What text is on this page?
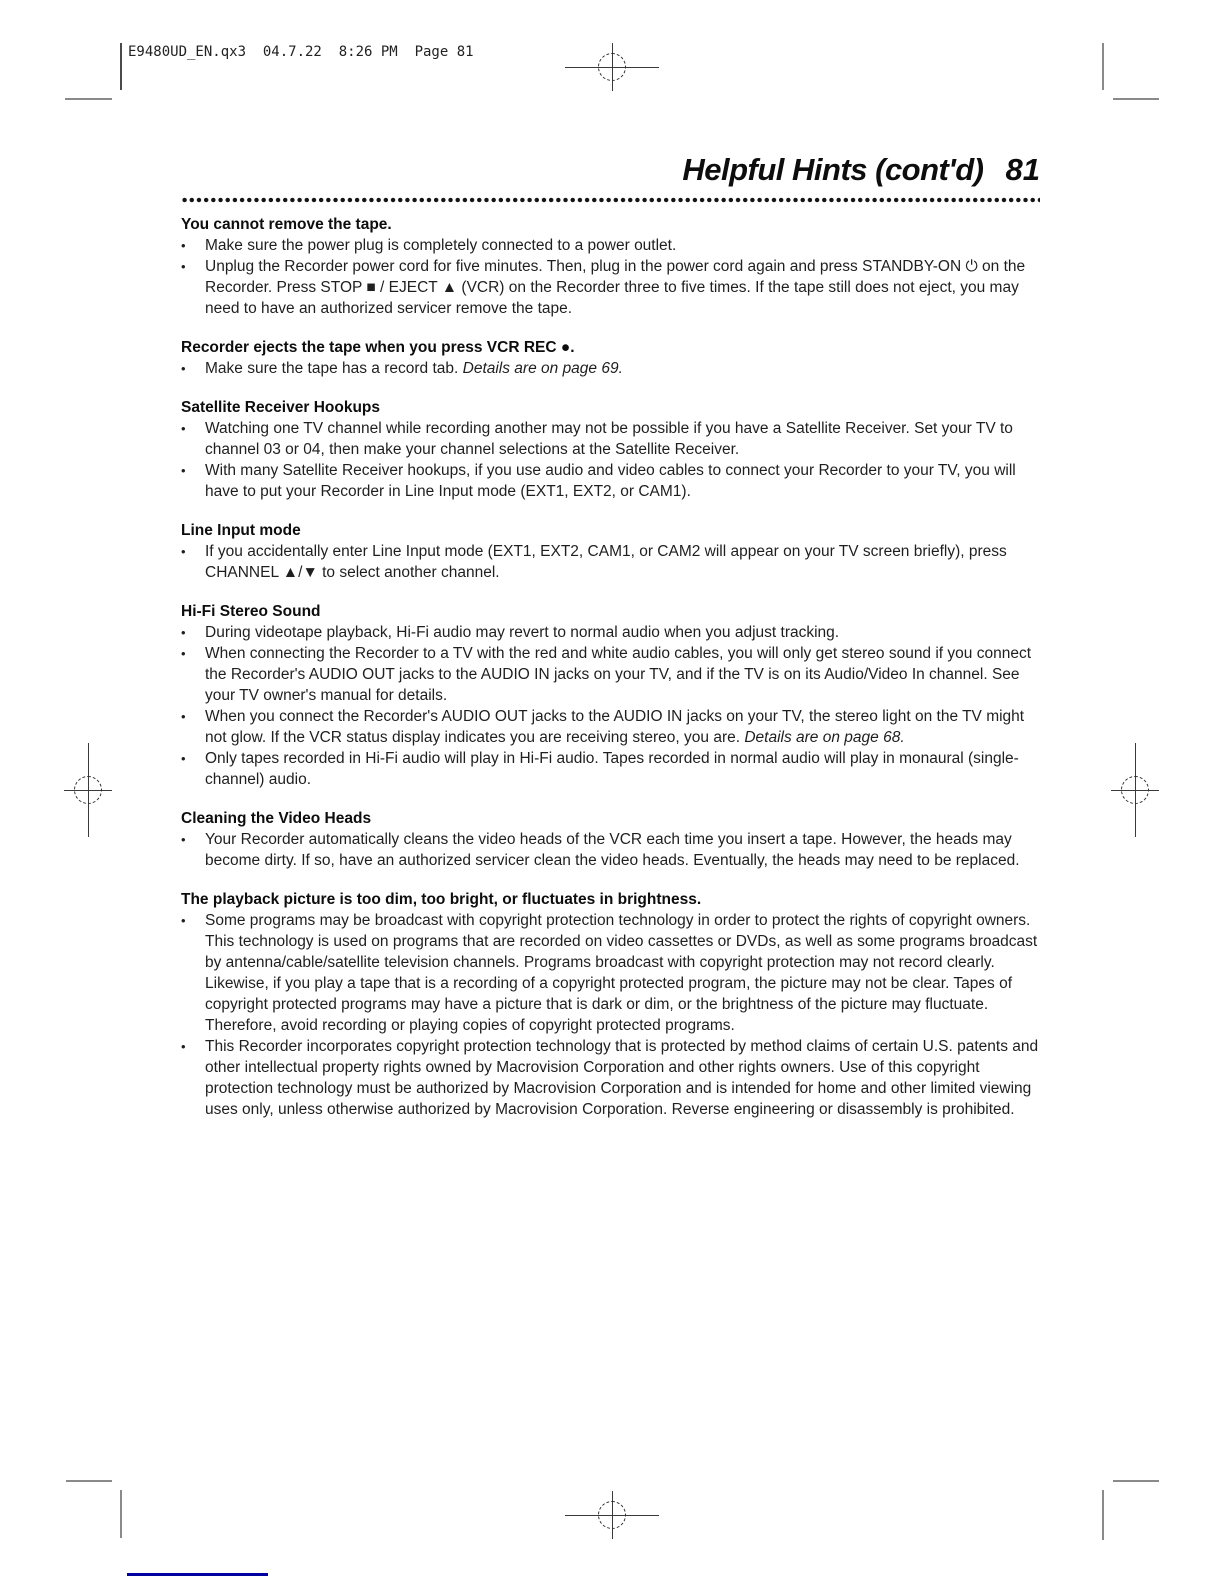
E9480UD_EN.qx3  04.7.22  8:26 PM  Page 81
Helpful Hints (cont'd) 81
You cannot remove the tape.
•	Make sure the power plug is completely connected to a power outlet.

•	Unplug the Recorder power cord for five minutes. Then, plug in the power cord again and press STANDBY-ON ⏻ on the Recorder. Press STOP ■ / EJECT ▲ (VCR) on the Recorder three to five times. If the tape still does not eject, you may need to have an authorized servicer remove the tape.

Recorder ejects the tape when you press VCR REC ●.
•	Make sure the tape has a record tab. Details are on page 69.

Satellite Receiver Hookups
•	Watching one TV channel while recording another may not be possible if you have a Satellite Receiver. Set your TV to channel 03 or 04, then make your channel selections at the Satellite Receiver.

•	With many Satellite Receiver hookups, if you use audio and video cables to connect your Recorder to your TV, you will have to put your Recorder in Line Input mode (EXT1, EXT2, or CAM1).

Line Input mode
•	If you accidentally enter Line Input mode (EXT1, EXT2, CAM1, or CAM2 will appear on your TV screen briefly), press CHANNEL ▲/▼ to select another channel.

Hi-Fi Stereo Sound
•	During videotape playback, Hi-Fi audio may revert to normal audio when you adjust tracking.

•	When connecting the Recorder to a TV with the red and white audio cables, you will only get stereo sound if you connect the Recorder's AUDIO OUT jacks to the AUDIO IN jacks on your TV, and if the TV is on its Audio/Video In channel. See your TV owner's manual for details.

•	When you connect the Recorder's AUDIO OUT jacks to the AUDIO IN jacks on your TV, the stereo light on the TV might not glow. If the VCR status display indicates you are receiving stereo, you are. Details are on page 68.

•	Only tapes recorded in Hi-Fi audio will play in Hi-Fi audio. Tapes recorded in normal audio will play in monaural (single-channel) audio.

Cleaning the Video Heads
•	Your Recorder automatically cleans the video heads of the VCR each time you insert a tape. However, the heads may become dirty. If so, have an authorized servicer clean the video heads. Eventually, the heads may need to be replaced.

The playback picture is too dim, too bright, or fluctuates in brightness.
•	Some programs may be broadcast with copyright protection technology in order to protect the rights of copyright owners. This technology is used on programs that are recorded on video cassettes or DVDs, as well as some programs broadcast by antenna/cable/satellite television channels. Programs broadcast with copyright protection may not record clearly. Likewise, if you play a tape that is a recording of a copyright protected program, the picture may not be clear. Tapes of copyright protected programs may have a picture that is dark or dim, or the brightness of the picture may fluctuate. Therefore, avoid recording or playing copies of copyright protected programs.

•	This Recorder incorporates copyright protection technology that is protected by method claims of certain U.S. patents and other intellectual property rights owned by Macrovision Corporation and other rights owners. Use of this copyright protection technology must be authorized by Macrovision Corporation and is intended for home and other limited viewing uses only, unless otherwise authorized by Macrovision Corporation. Reverse engineering or disassembly is prohibited.
